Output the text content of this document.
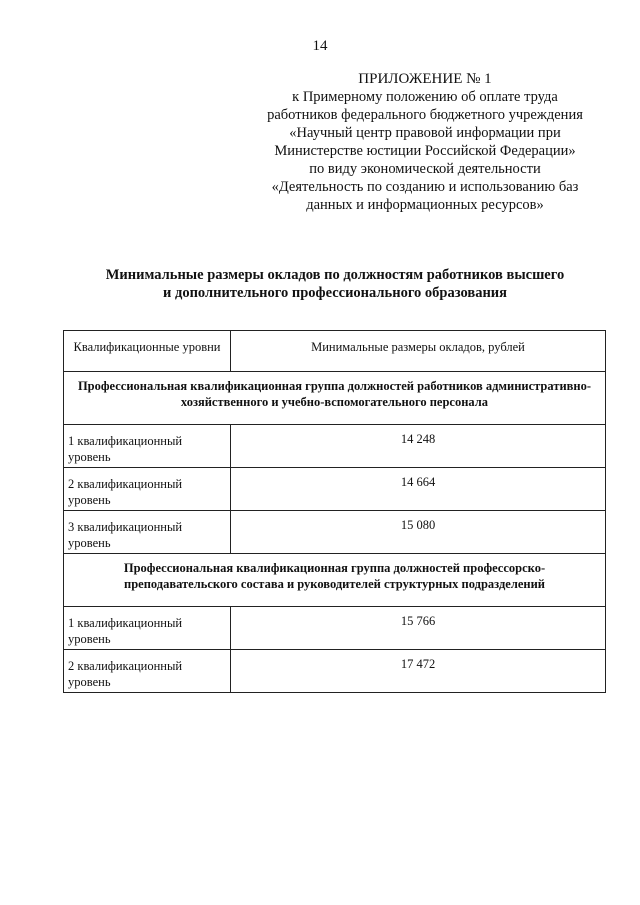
14
ПРИЛОЖЕНИЕ № 1
к Примерному положению об оплате труда
работников федерального бюджетного учреждения
«Научный центр правовой информации при
Министерстве юстиции Российской Федерации»
по виду экономической деятельности
«Деятельность по созданию и использованию баз
данных и информационных ресурсов»
Минимальные размеры окладов по должностям работников высшего
и дополнительного профессионального образования
Квалификационные уровни	Минимальные размеры окладов, рублей
Профессиональная квалификационная группа должностей работников административно-хозяйственного и учебно-вспомогательного персонала	
1 квалификационный уровень	14 248
2 квалификационный уровень	14 664
3 квалификационный уровень	15 080
Профессиональная квалификационная группа должностей профессорско-преподавательского состава и руководителей структурных подразделений	
1 квалификационный уровень	15 766
2 квалификационный уровень	17 472
